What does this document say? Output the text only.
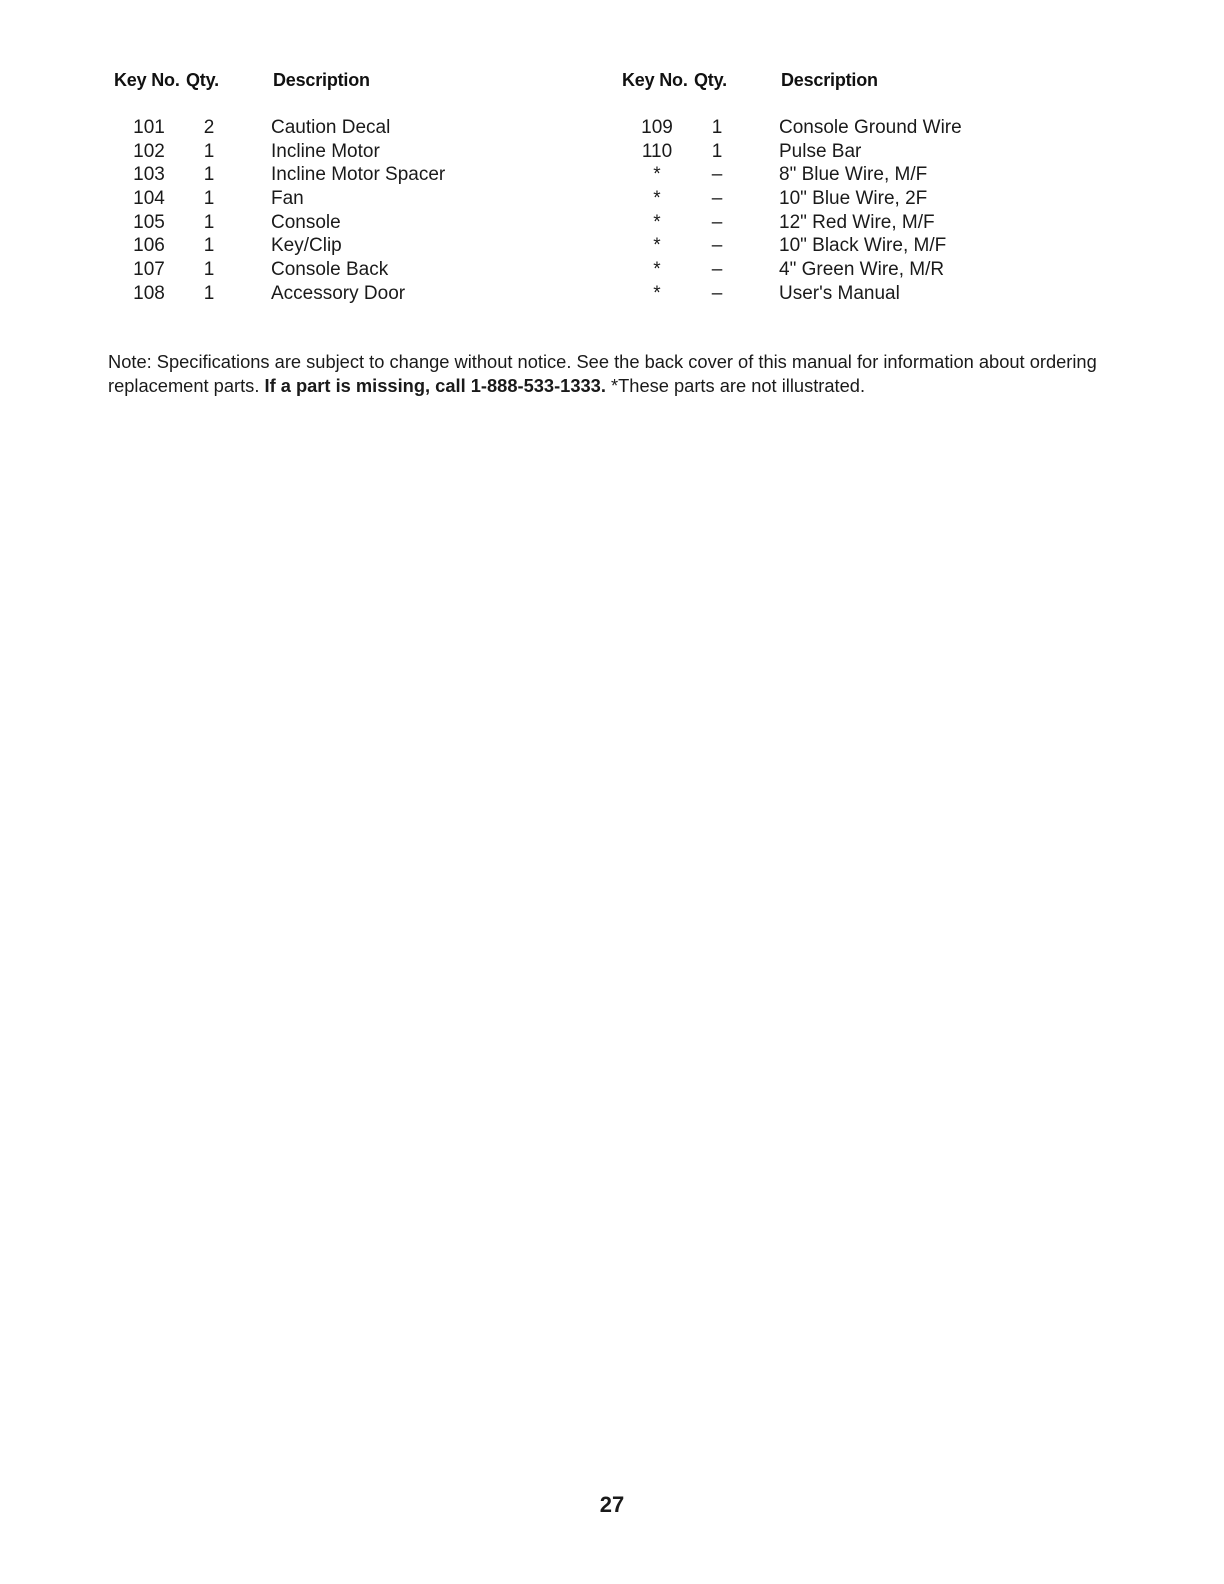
Key No. Qty.	Description
101	2	Caution Decal
102	1	Incline Motor
103	1	Incline Motor Spacer
104	1	Fan
105	1	Console
106	1	Key/Clip
107	1	Console Back
108	1	Accessory Door
Key No. Qty.	Description
109	1	Console Ground Wire
110	1	Pulse Bar
*	–	8" Blue Wire, M/F
*	–	10" Blue Wire, 2F
*	–	12" Red Wire, M/F
*	–	10" Black Wire, M/F
*	–	4" Green Wire, M/R
*	–	User's Manual

Note: Specifications are subject to change without notice. See the back cover of this manual for information about ordering replacement parts. If a part is missing, call 1-888-533-1333. *These parts are not illustrated.

27
